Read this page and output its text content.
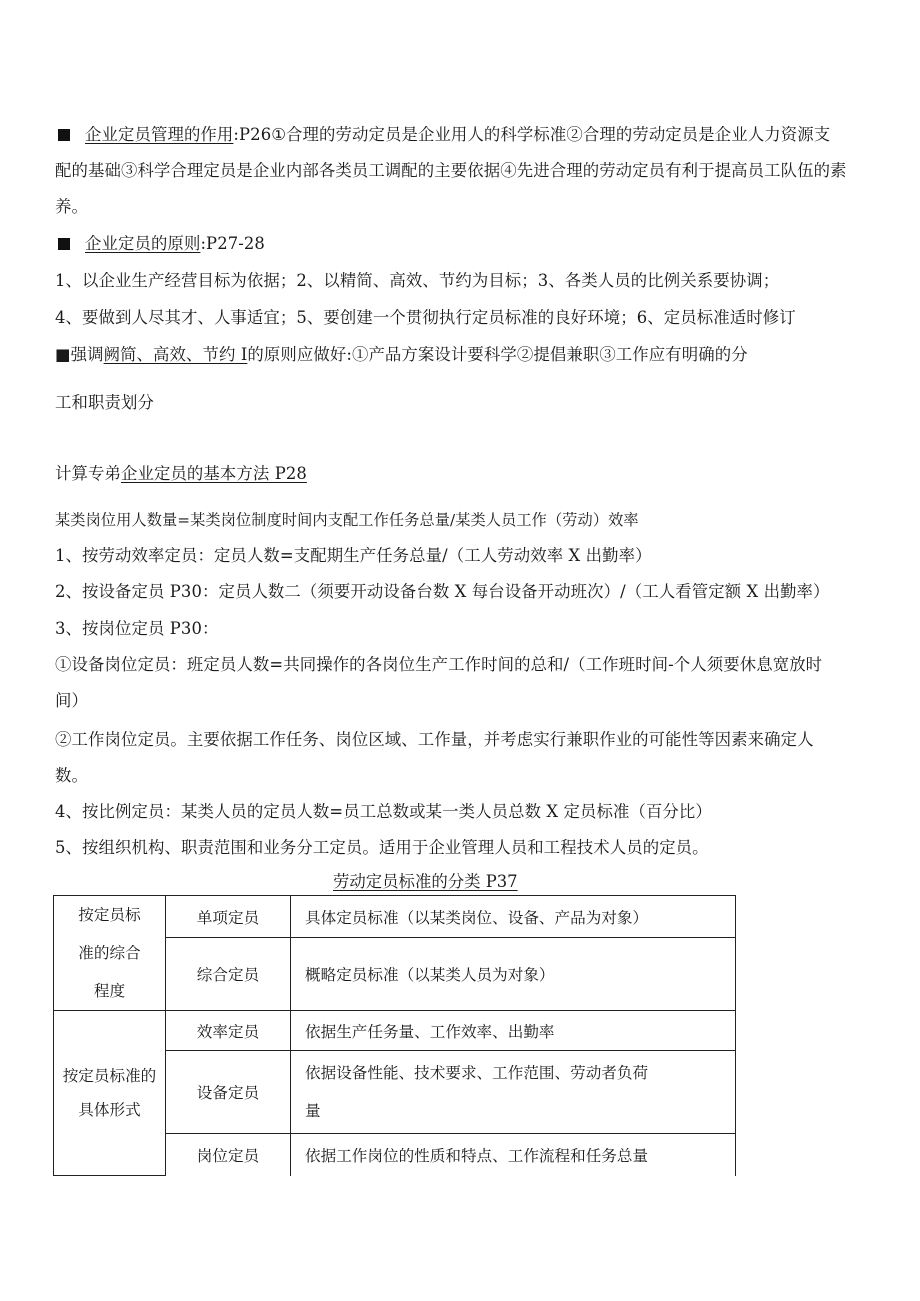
企业定员管理的作用:P26①合理的劳动定员是企业用人的科学标准②合理的劳动定员是企业人力资源支
配的基础③科学合理定员是企业内部各类员工调配的主要依据④先进合理的劳动定员有利于提高员工队伍的素
养。
企业定员的原则:P27-28
1、以企业生产经营目标为依据；2、以精简、高效、节约为目标；3、各类人员的比例关系要协调；
4、要做到人尽其才、人事适宜；5、要创建一个贯彻执行定员标准的良好环境；6、定员标准适时修订
■强调阙简、高效、节约 I的原则应做好:①产品方案设计要科学②提倡兼职③工作应有明确的分
工和职责划分
计算专弟企业定员的基本方法 P28
某类岗位用人数量=某类岗位制度时间内支配工作任务总量/某类人员工作（劳动）效率
1、按劳动效率定员：定员人数=支配期生产任务总量/（工人劳动效率 X 出勤率）
2、按设备定员 P30：定员人数二（须要开动设备台数 X 每台设备开动班次）/（工人看管定额 X 出勤率）
3、按岗位定员 P30：
①设备岗位定员：班定员人数=共同操作的各岗位生产工作时间的总和/（工作班时间-个人须要休息宽放时
间）
②工作岗位定员。主要依据工作任务、岗位区域、工作量，并考虑实行兼职作业的可能性等因素来确定人
数。
4、按比例定员：某类人员的定员人数=员工总数或某一类人员总数 X 定员标准（百分比）
5、按组织机构、职责范围和业务分工定员。适用于企业管理人员和工程技术人员的定员。
劳动定员标准的分类 P37
按定员标
准的综合
程度	单项定员	具体定员标准（以某类岗位、设备、产品为对象）
	综合定员	概略定员标准（以某类人员为对象）

按定员标准的
具体形式	效率定员	依据生产任务量、工作效率、出勤率
	设备定员	依据设备性能、技术要求、工作范围、劳动者负荷
量

	岗位定员	依据工作岗位的性质和特点、工作流程和任务总量
